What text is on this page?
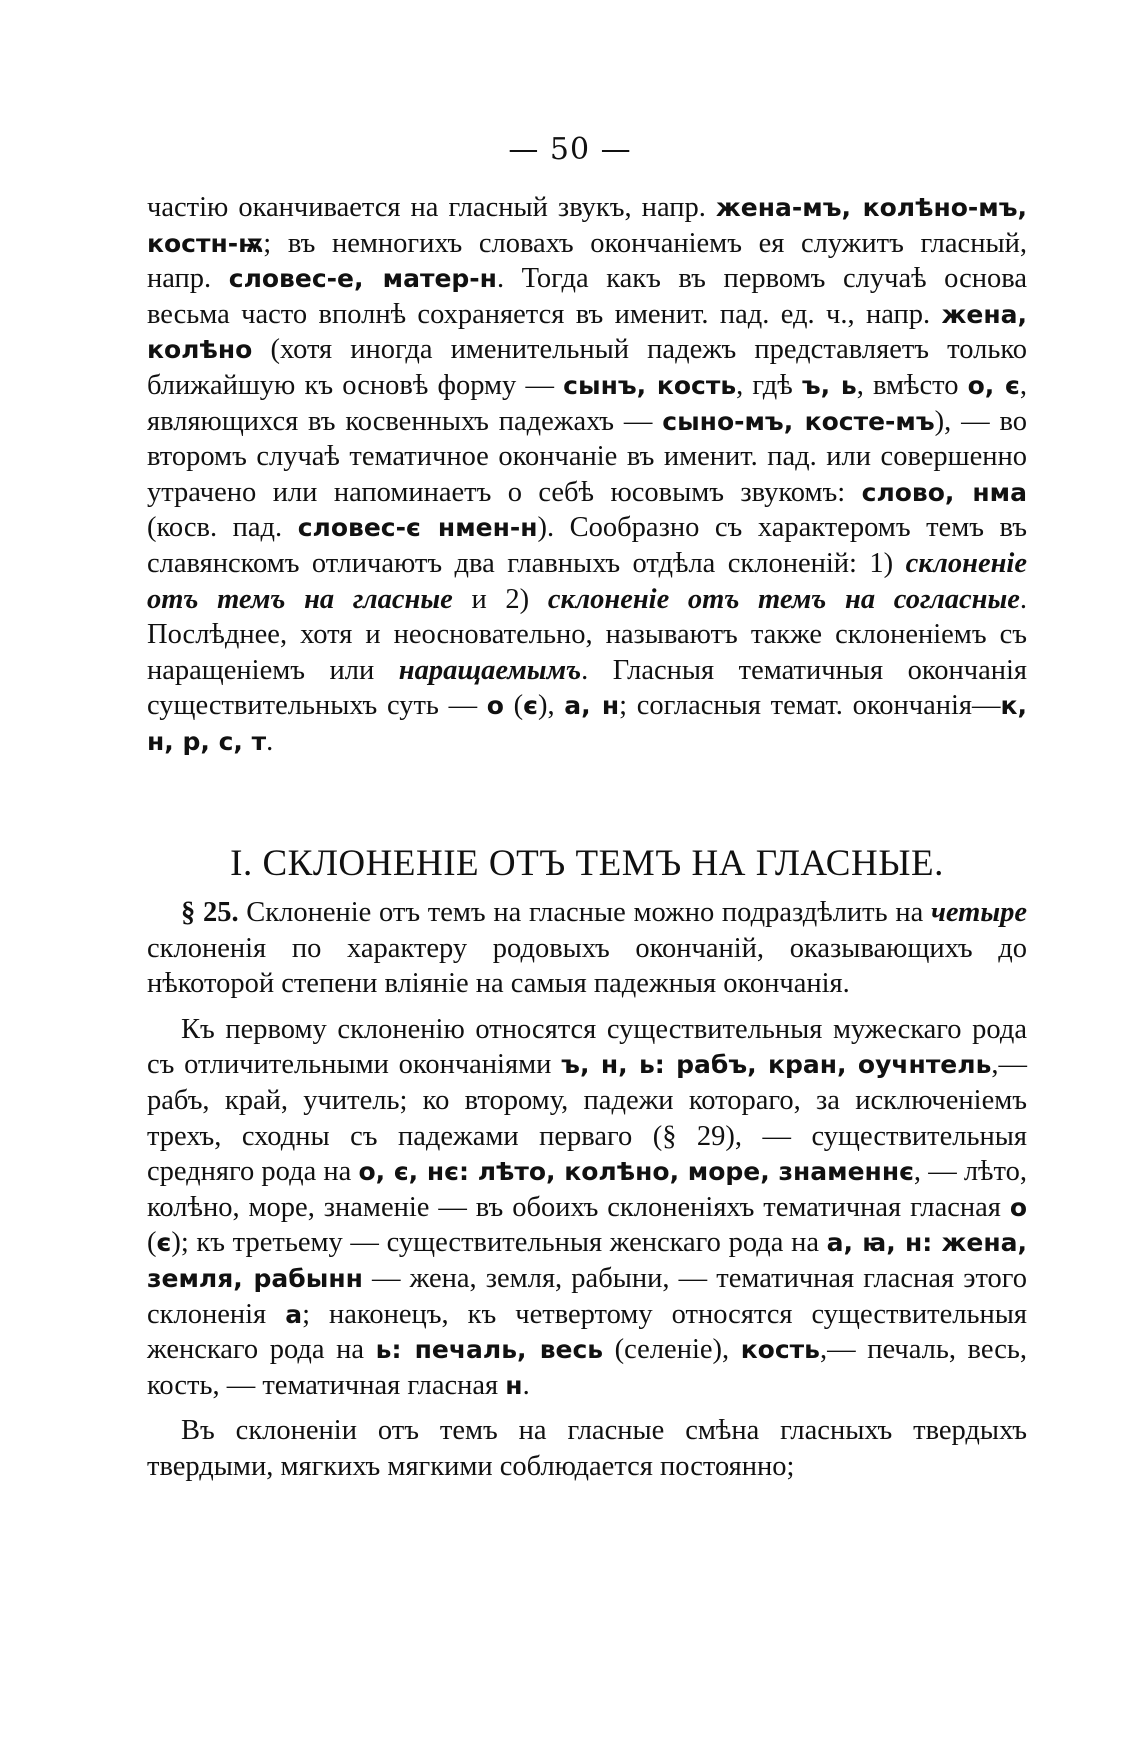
— 50 —

частію оканчивается на гласный звукъ, напр. жена-мъ, колѣно-мъ, костн-ѭ; въ немногихъ словахъ окончаніемъ ея служитъ гласный, напр. словес-е, матер-н. Тогда какъ въ первомъ случаѣ основа весьма часто вполнѣ сохраняется въ именит. пад. ед. ч., напр. жена, колѣно (хотя иногда именительный падежъ представляетъ только ближайшую къ основѣ форму — сынъ, кость, гдѣ ъ, ь, вмѣсто о, є, являющихся въ косвенныхъ падежахъ — сыно-мъ, косте-мъ), — во второмъ случаѣ тематичное окончаніе въ именит. пад. или совершенно утрачено или напоминаетъ о себѣ юсовымъ звукомъ: слово, нма (косв. пад. словес-є нмен-н). Сообразно съ характеромъ темъ въ славянскомъ отличаютъ два главныхъ отдѣла склоненій: 1) склоненіе отъ темъ на гласные и 2) склоненіе отъ темъ на согласные. Послѣднее, хотя и неосновательно, называютъ также склоненіемъ съ наращеніемъ или наращаемымъ. Гласныя тематичныя окончанія существительныхъ суть — о (є), а, н; согласныя темат. окончанія—к, н, р, с, т.

I. СКЛОНЕНІЕ ОТЪ ТЕМЪ НА ГЛАСНЫЕ.

§ 25. Склоненіе отъ темъ на гласные можно подраздѣлить на четыре склоненія по характеру родовыхъ окончаній, оказывающихъ до нѣкоторой степени вліяніе на самыя падежныя окончанія.

Къ первому склоненію относятся существительныя мужескаго рода съ отличительными окончаніями ъ, н, ь: рабъ, кран, оучнтель,— рабъ, край, учитель; ко второму, падежи котораго, за исключеніемъ трехъ, сходны съ падежами перваго (§ 29), — существительныя средняго рода на о, є, нє: лѣто, колѣно, море, знаменнє, — лѣто, колѣно, море, знаменіе — въ обоихъ склоненіяхъ тематичная гласная о (є); къ третьему — существительныя женскаго рода на а, ꙗ, н: жена, земля, рабынн — жена, земля, рабыни, — тематичная гласная этого склоненія а; наконецъ, къ четвертому относятся существительныя женскаго рода на ь: печаль, весь (селеніе), кость,— печаль, весь, кость, — тематичная гласная н.

Въ склоненіи отъ темъ на гласные смѣна гласныхъ твердыхъ твердыми, мягкихъ мягкими соблюдается постоянно;
